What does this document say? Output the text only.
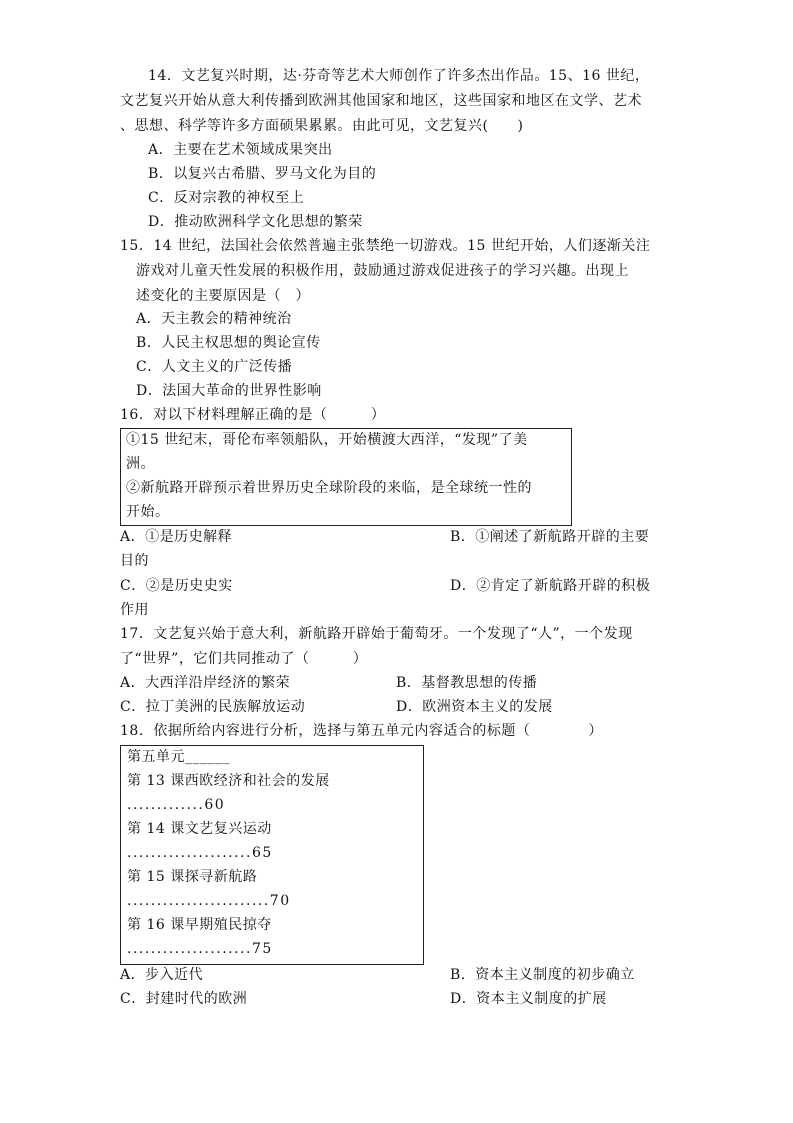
14．文艺复兴时期，达·芬奇等艺术大师创作了许多杰出作品。15、16 世纪，
文艺复兴开始从意大利传播到欧洲其他国家和地区，这些国家和地区在文学、艺术
、思想、科学等许多方面硕果累累。由此可见，文艺复兴(　　)
A．主要在艺术领域成果突出
B．以复兴古希腊、罗马文化为目的
C．反对宗教的神权至上
D．推动欧洲科学文化思想的繁荣
15．14 世纪，法国社会依然普遍主张禁绝一切游戏。15 世纪开始，人们逐渐关注
游戏对儿童天性发展的积极作用，鼓励通过游戏促进孩子的学习兴趣。出现上
述变化的主要原因是（　）
A．天主教会的精神统治
B．人民主权思想的舆论宣传
C．人文主义的广泛传播
D．法国大革命的世界性影响
16．对以下材料理解正确的是（　　　）
①15 世纪末，哥伦布率领船队，开始横渡大西洋，“发现”了美
洲。
②新航路开辟预示着世界历史全球阶段的来临，是全球统一性的
开始。
A．①是历史解释	B．①阐述了新航路开辟的主要
目的
C．②是历史史实	D．②肯定了新航路开辟的积极
作用
17．文艺复兴始于意大利，新航路开辟始于葡萄牙。一个发现了“人”，一个发现
了“世界”，它们共同推动了（　　　）
A．大西洋沿岸经济的繁荣	B．基督教思想的传播
C．拉丁美洲的民族解放运动	D．欧洲资本主义的发展
18．依据所给内容进行分析，选择与第五单元内容适合的标题（　　　　）
第五单元______
第 13 课西欧经济和社会的发展
.............60
第 14 课文艺复兴运动
.....................65
第 15 课探寻新航路
........................70
第 16 课早期殖民掠夺
.....................75
A．步入近代	B．资本主义制度的初步确立
C．封建时代的欧洲	D．资本主义制度的扩展
